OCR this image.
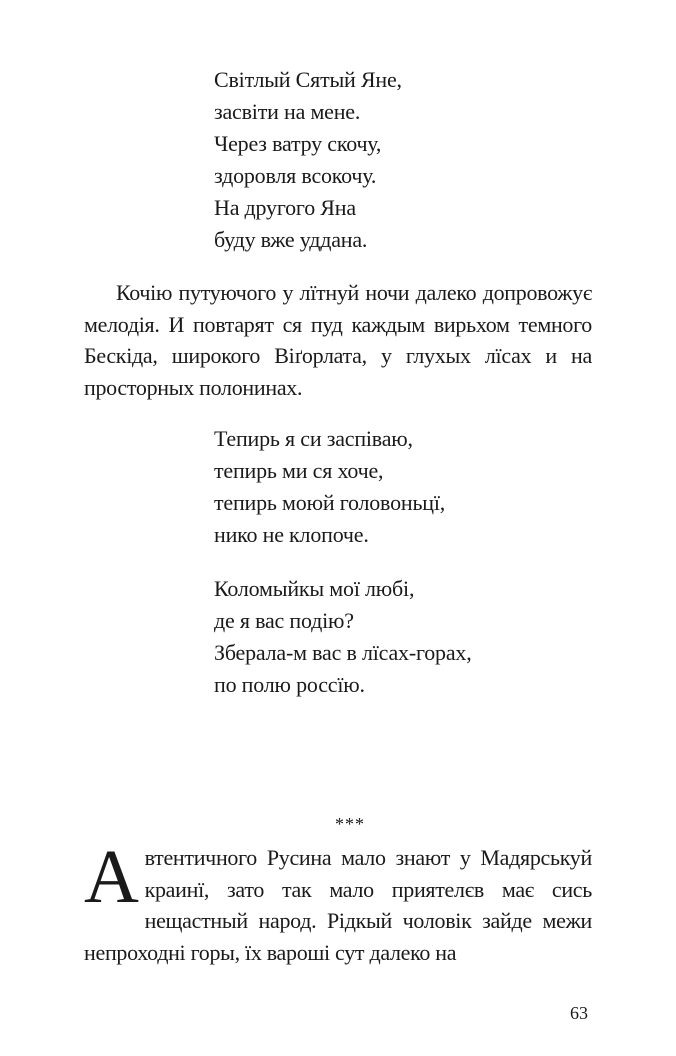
Світлый Сятый Яне,
засвіти на мене.
Через ватру скочу,
здоровля всокочу.
На другого Яна
буду вже уддана.

Кочію путуючого у лїтнуй ночи далеко допровожує мелодія. И повтарят ся пуд каждым вирьхом темного Бескіда, широкого Віґорлата, у глухых лїсах и на просторных полонинах.

Тепирь я си заспіваю,
тепирь ми ся хоче,
тепирь моюй головоньцї,
нико не клопоче.
Коломыйкы мої любі,
де я вас подію?
Зберала-м вас в лїсах-горах,
по полю россїю.
***

Автентичного Русина мало знают у Мадярськуй краинї, зато так мало приятелєв має сись нещастный народ. Рідкый чоловік зайде межи непроходні горы, їх вароші сут далеко на

63
